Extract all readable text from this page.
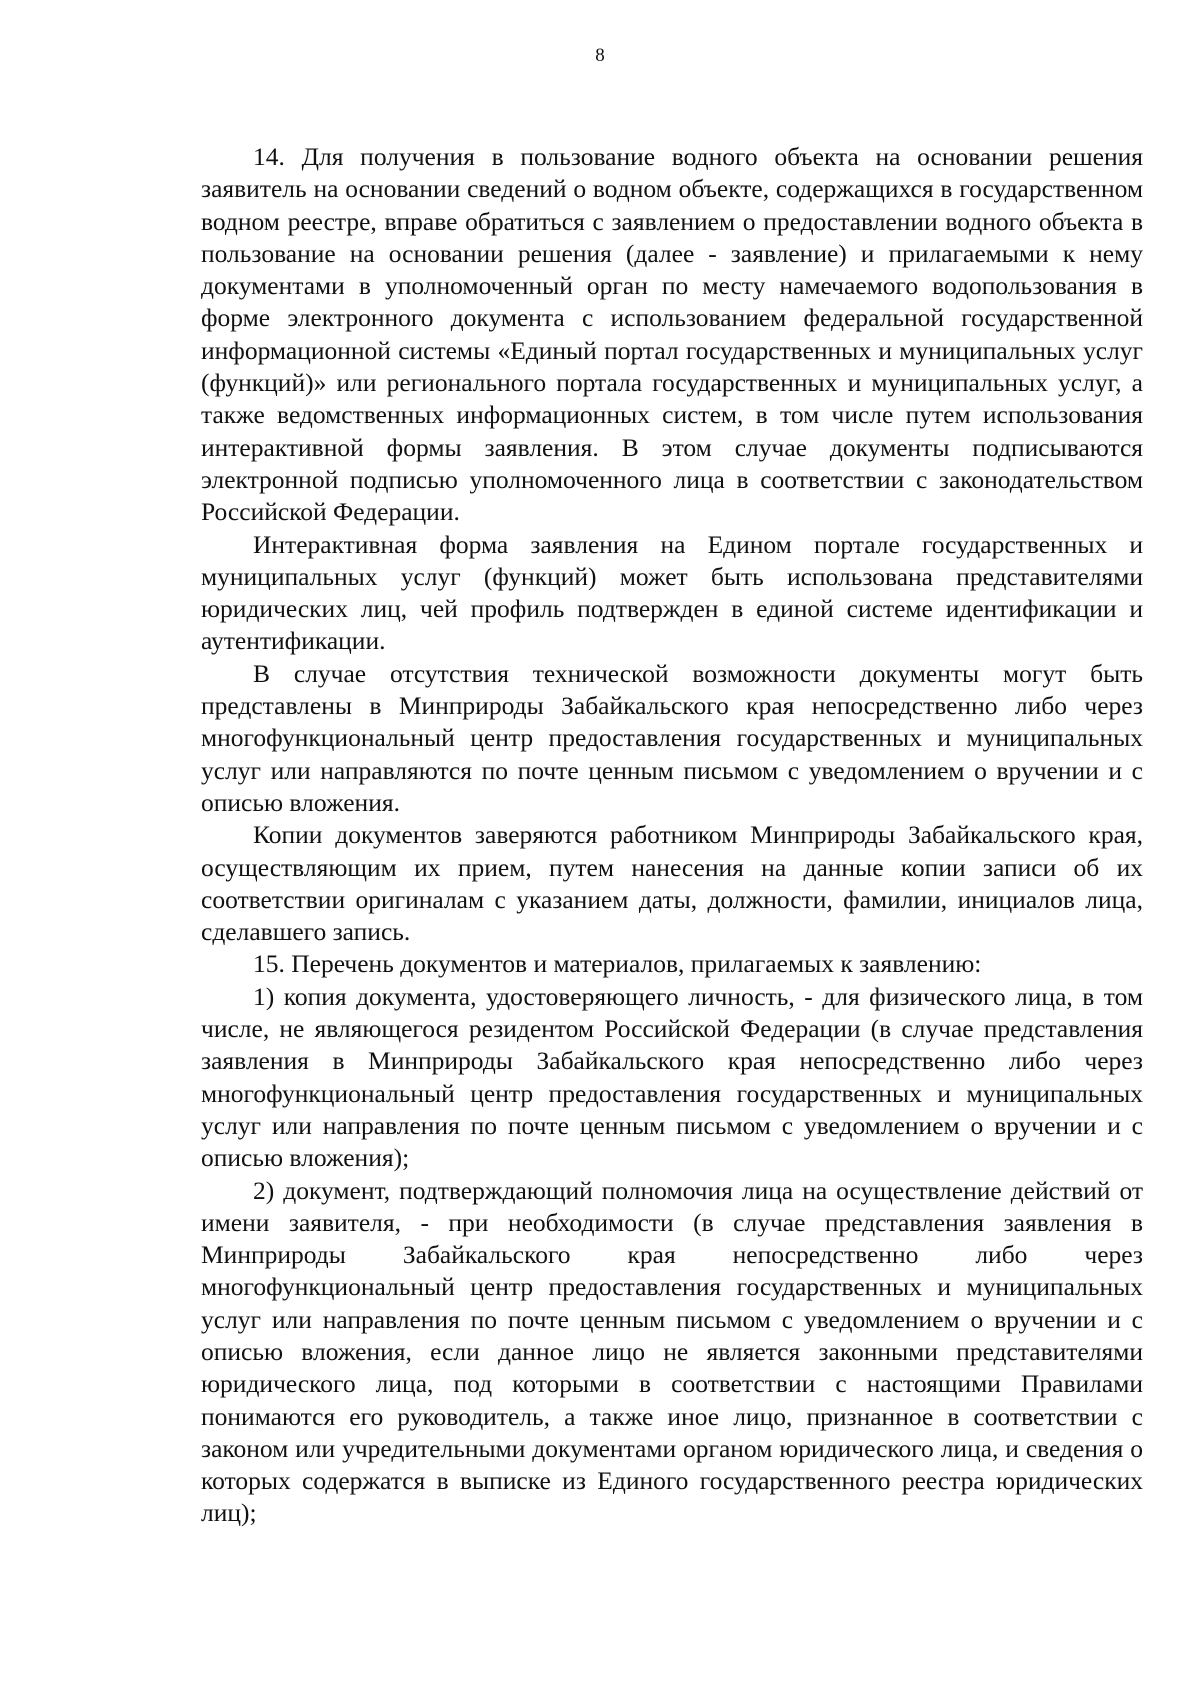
8

14. Для получения в пользование водного объекта на основании решения заявитель на основании сведений о водном объекте, содержащихся в государственном водном реестре, вправе обратиться с заявлением о предоставлении водного объекта в пользование на основании решения (далее - заявление) и прилагаемыми к нему документами в уполномоченный орган по месту намечаемого водопользования в форме электронного документа с использованием федеральной государственной информационной системы «Единый портал государственных и муниципальных услуг (функций)» или регионального портала государственных и муниципальных услуг, а также ведомственных информационных систем, в том числе путем использования интерактивной формы заявления. В этом случае документы подписываются электронной подписью уполномоченного лица в соответствии с законодательством Российской Федерации.

Интерактивная форма заявления на Едином портале государственных и муниципальных услуг (функций) может быть использована представителями юридических лиц, чей профиль подтвержден в единой системе идентификации и аутентификации.

В случае отсутствия технической возможности документы могут быть представлены в Минприроды Забайкальского края непосредственно либо через многофункциональный центр предоставления государственных и муниципальных услуг или направляются по почте ценным письмом с уведомлением о вручении и с описью вложения.

Копии документов заверяются работником Минприроды Забайкальского края, осуществляющим их прием, путем нанесения на данные копии записи об их соответствии оригиналам с указанием даты, должности, фамилии, инициалов лица, сделавшего запись.

15. Перечень документов и материалов, прилагаемых к заявлению:

1) копия документа, удостоверяющего личность, - для физического лица, в том числе, не являющегося резидентом Российской Федерации (в случае представления заявления в Минприроды Забайкальского края непосредственно либо через многофункциональный центр предоставления государственных и муниципальных услуг или направления по почте ценным письмом с уведомлением о вручении и с описью вложения);

2) документ, подтверждающий полномочия лица на осуществление действий от имени заявителя, - при необходимости (в случае представления заявления в Минприроды Забайкальского края непосредственно либо через многофункциональный центр предоставления государственных и муниципальных услуг или направления по почте ценным письмом с уведомлением о вручении и с описью вложения, если данное лицо не является законными представителями юридического лица, под которыми в соответствии с настоящими Правилами понимаются его руководитель, а также иное лицо, признанное в соответствии с законом или учредительными документами органом юридического лица, и сведения о которых содержатся в выписке из Единого государственного реестра юридических лиц);
